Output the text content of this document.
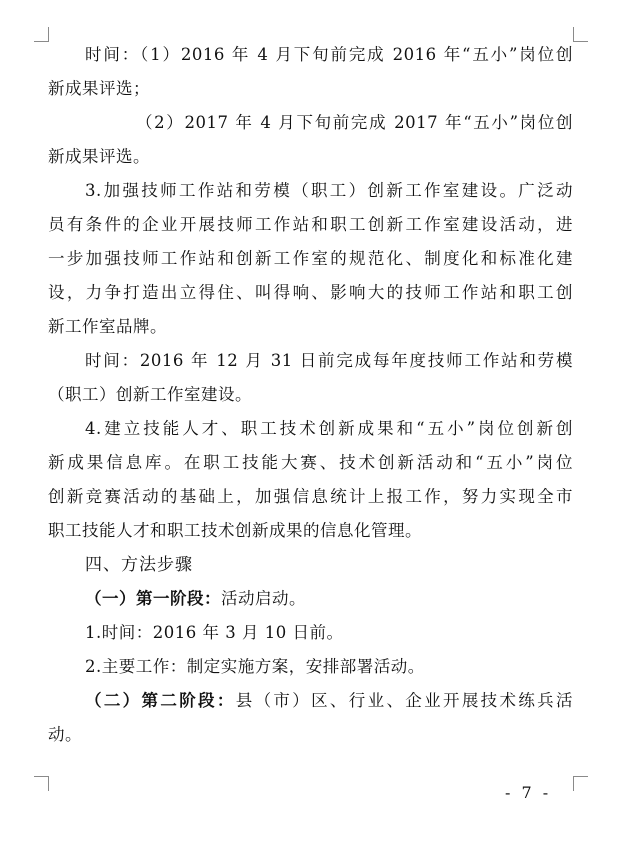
时间：（1）2016 年 4 月下旬前完成 2016 年“五小”岗位创
新成果评选；
（2）2017 年 4 月下旬前完成 2017 年“五小”岗位创
新成果评选。
3.加强技师工作站和劳模（职工）创新工作室建设。广泛动
员有条件的企业开展技师工作站和职工创新工作室建设活动，进
一步加强技师工作站和创新工作室的规范化、制度化和标准化建
设，力争打造出立得住、叫得响、影响大的技师工作站和职工创
新工作室品牌。
时间：2016 年 12 月 31 日前完成每年度技师工作站和劳模
（职工）创新工作室建设。
4.建立技能人才、职工技术创新成果和“五小”岗位创新创
新成果信息库。在职工技能大赛、技术创新活动和“五小”岗位
创新竞赛活动的基础上，加强信息统计上报工作，努力实现全市
职工技能人才和职工技术创新成果的信息化管理。
四、方法步骤
（一）第一阶段：活动启动。
1.时间：2016 年 3 月 10 日前。
2.主要工作：制定实施方案，安排部署活动。
（二）第二阶段：县（市）区、行业、企业开展技术练兵活
动。
- 7 -
